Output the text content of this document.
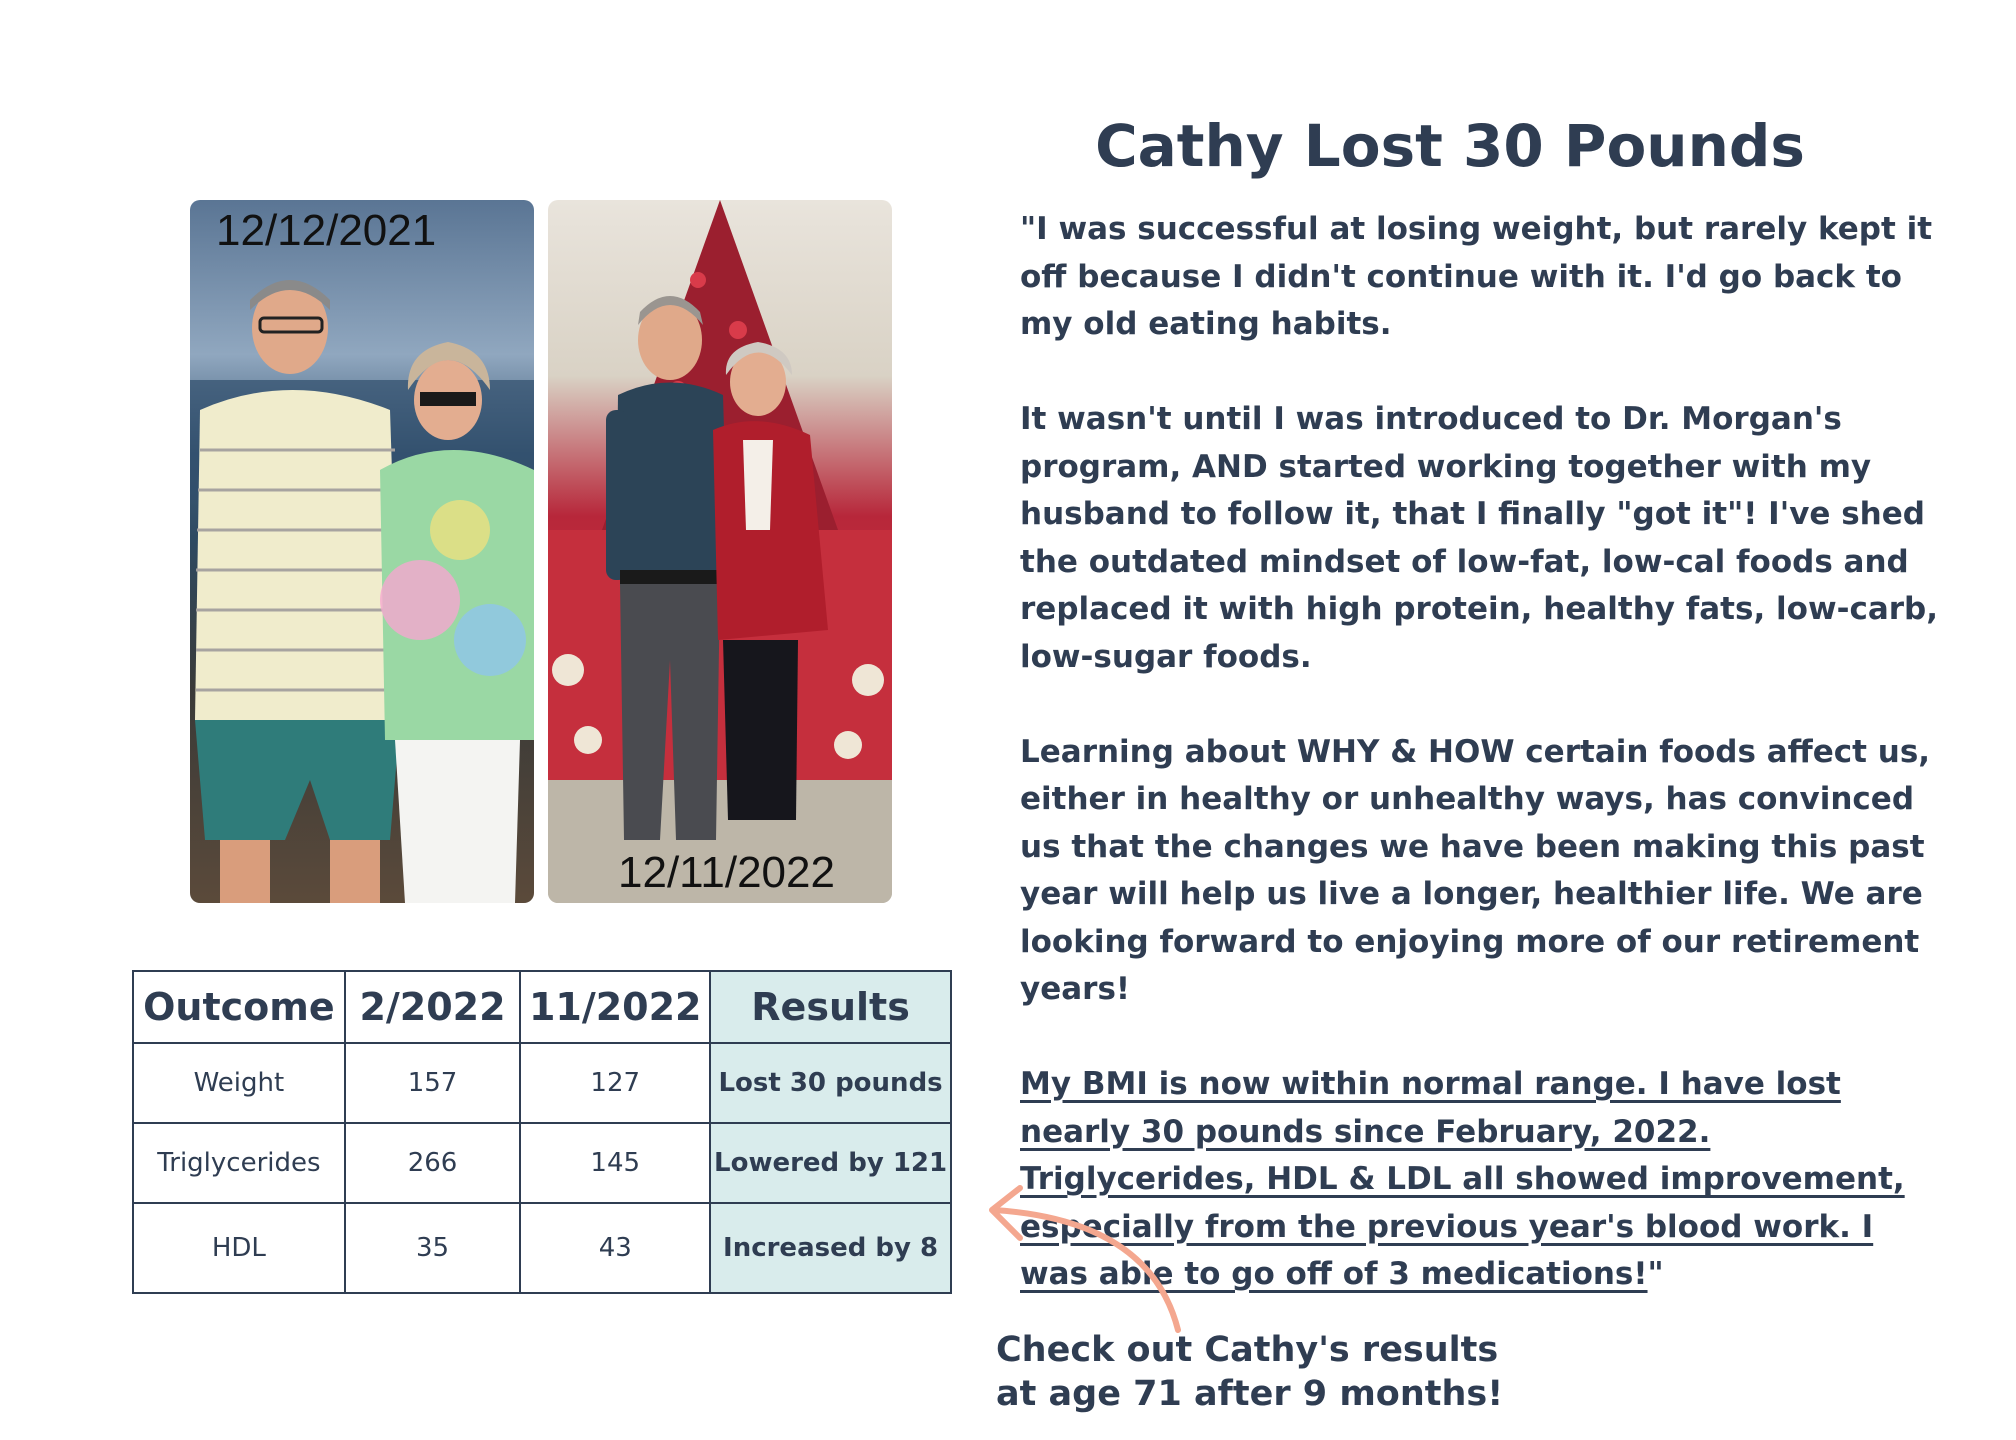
12/12/2021
12/11/2022
Outcome	2/2022	11/2022	Results
Weight	157	127	Lost 30 pounds
Triglycerides	266	145	Lowered by 121
HDL	35	43	Increased by 8
Cathy Lost 30 Pounds

"I was successful at losing weight, but rarely kept it off because I didn't continue with it. I'd go back to my old eating habits.

It wasn't until I was introduced to Dr. Morgan's program, AND started working together with my husband to follow it, that I finally "got it"! I've shed the outdated mindset of low-fat, low-cal foods and replaced it with high protein, healthy fats, low-carb, low-sugar foods.

Learning about WHY & HOW certain foods affect us, either in healthy or unhealthy ways, has convinced us that the changes we have been making this past year will help us live a longer, healthier life. We are looking forward to enjoying more of our retirement years!

My BMI is now within normal range. I have lost nearly 30 pounds since February, 2022. Triglycerides, HDL & LDL all showed improvement, especially from the previous year's blood work. I was able to go off of 3 medications!"

Check out Cathy's results at age 71 after 9 months!
